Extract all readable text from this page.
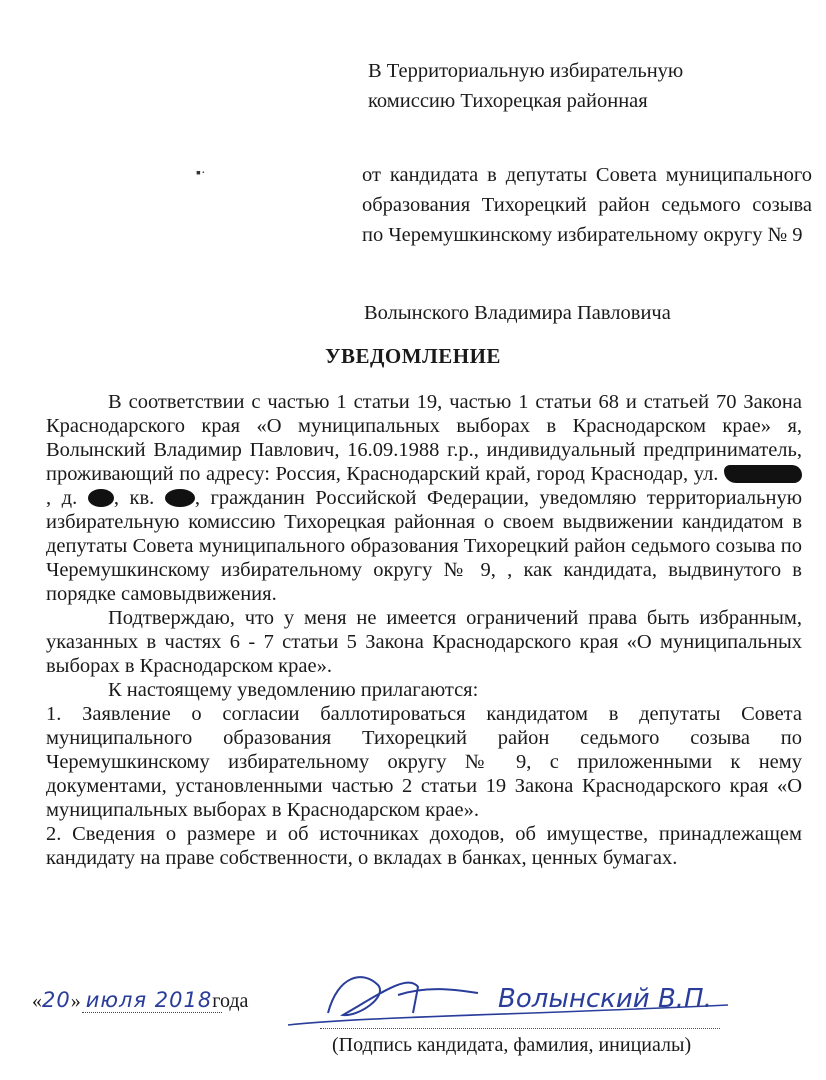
▪·
В Территориальную избирательную
комиссию Тихорецкая районная
от кандидата в депутаты Совета муниципального образования Тихорецкий район седьмого созыва по Черемушкинскому избирательному округу № 9
Волынского Владимира Павловича
УВЕДОМЛЕНИЕ

В соответствии с частью 1 статьи 19, частью 1 статьи 68 и статьей 70 Закона Краснодарского края «О муниципальных выборах в Краснодарском крае» я, Волынский Владимир Павлович, 16.09.1988 г.р., индивидуальный предприниматель, проживающий по адресу: Россия, Краснодарский край, город Краснодар, ул. , д. , кв. , гражданин Российской Федерации, уведомляю территориальную избирательную комиссию Тихорецкая районная о своем выдвижении кандидатом в депутаты Совета муниципального образования Тихорецкий район седьмого созыва по Черемушкинскому избирательному округу № 9, , как кандидата, выдвинутого в порядке самовыдвижения.

Подтверждаю, что у меня не имеется ограничений права быть избранным, указанных в частях 6 - 7 статьи 5 Закона Краснодарского края «О муниципальных выборах в Краснодарском крае».

К настоящему уведомлению прилагаются:

1. Заявление о согласии баллотироваться кандидатом в депутаты Совета муниципального образования Тихорецкий район седьмого созыва по Черемушкинскому избирательному округу № 9, с приложенными к нему документами, установленными частью 2 статьи 19 Закона Краснодарского края «О муниципальных выборах в Краснодарском крае».

2. Сведения о размере и об источниках доходов, об имуществе, принадлежащем кандидату на праве собственности, о вкладах в банках, ценных бумагах.

«20» июля 2018года	Волынский В.П.
(Подпись кандидата, фамилия, инициалы)
